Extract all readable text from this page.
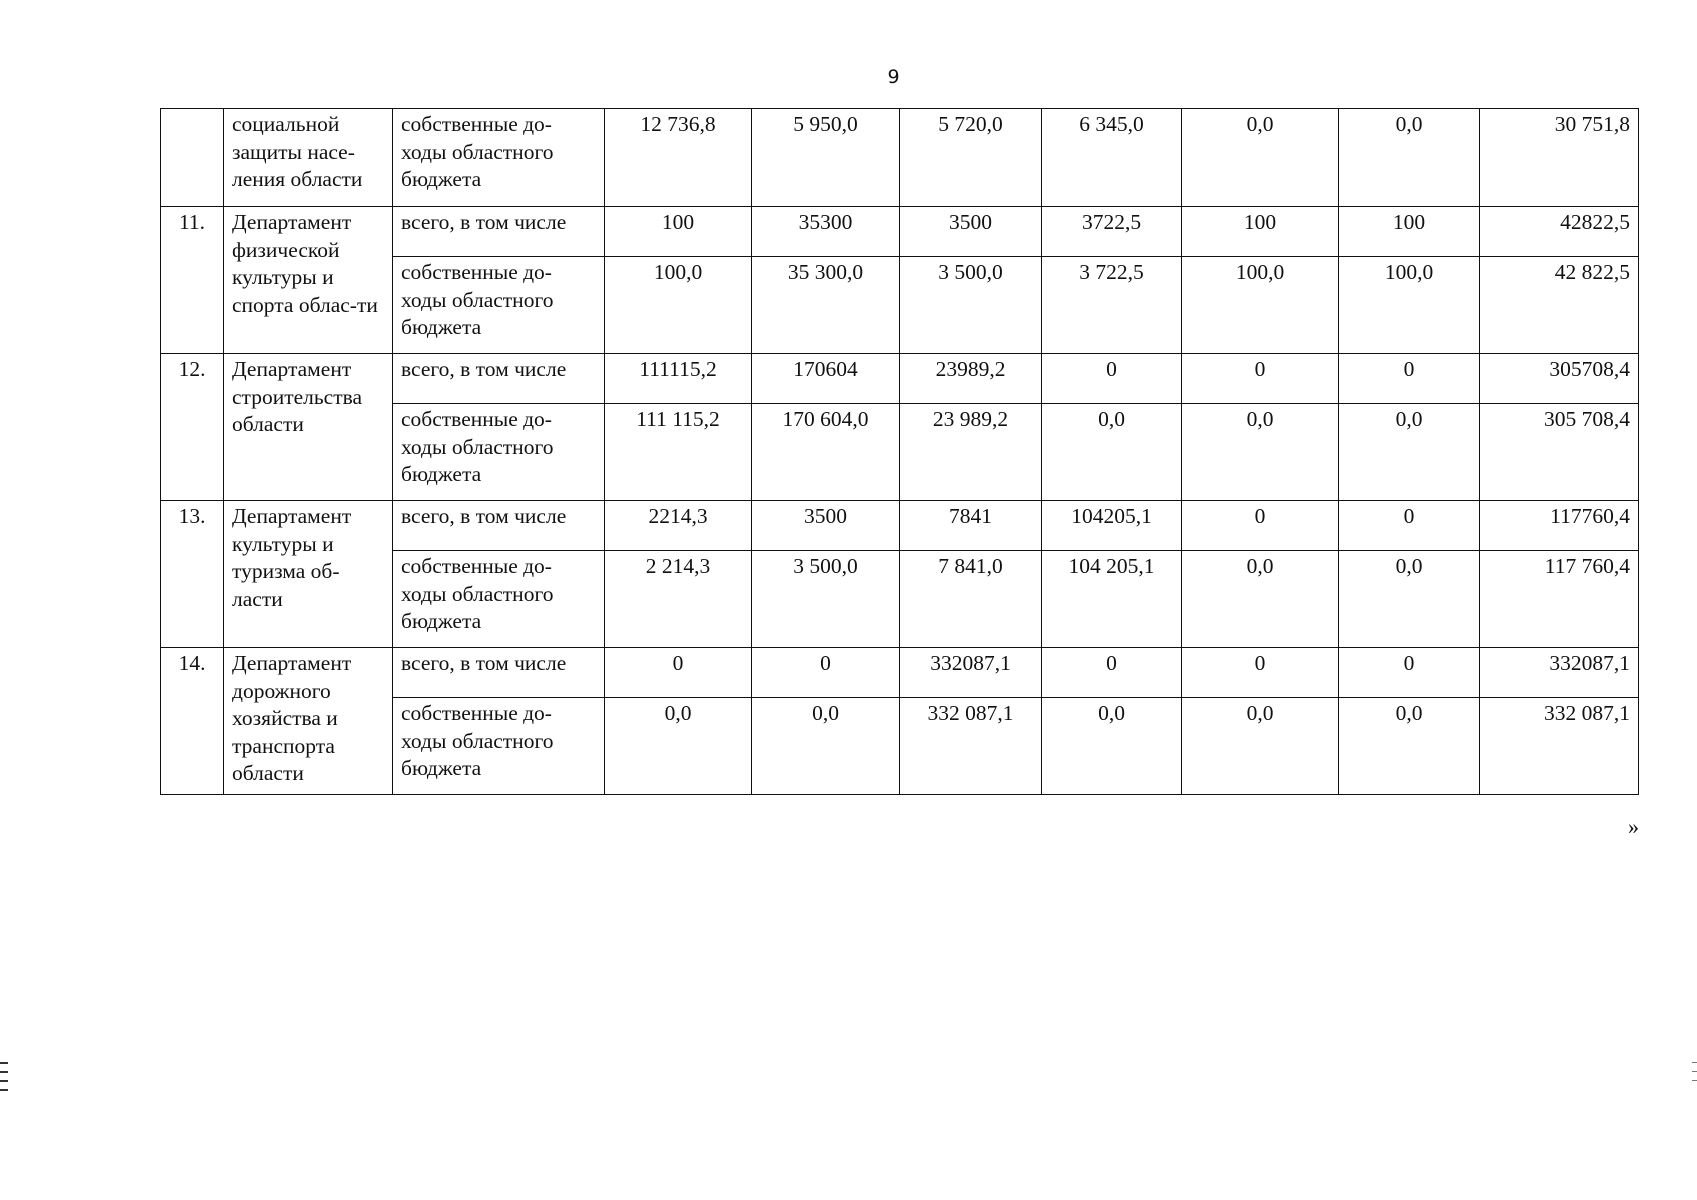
9
	социальной защиты насе-ления области	собственные до-ходы областного бюджета	12 736,8	5 950,0	5 720,0	6 345,0	0,0	0,0	30 751,8
11.	Департамент физической культуры и спорта облас-ти	всего, в том числе	100	35300	3500	3722,5	100	100	42822,5
		собственные до-ходы областного бюджета	100,0	35 300,0	3 500,0	3 722,5	100,0	100,0	42 822,5
12.	Департамент строительства области	всего, в том числе	111115,2	170604	23989,2	0	0	0	305708,4
		собственные до-ходы областного бюджета	111 115,2	170 604,0	23 989,2	0,0	0,0	0,0	305 708,4
13.	Департамент культуры и туризма об-ласти	всего, в том числе	2214,3	3500	7841	104205,1	0	0	117760,4
		собственные до-ходы областного бюджета	2 214,3	3 500,0	7 841,0	104 205,1	0,0	0,0	117 760,4
14.	Департамент дорожного хозяйства и транспорта области	всего, в том числе	0	0	332087,1	0	0	0	332087,1
		собственные до-ходы областного бюджета	0,0	0,0	332 087,1	0,0	0,0	0,0	332 087,1
»
